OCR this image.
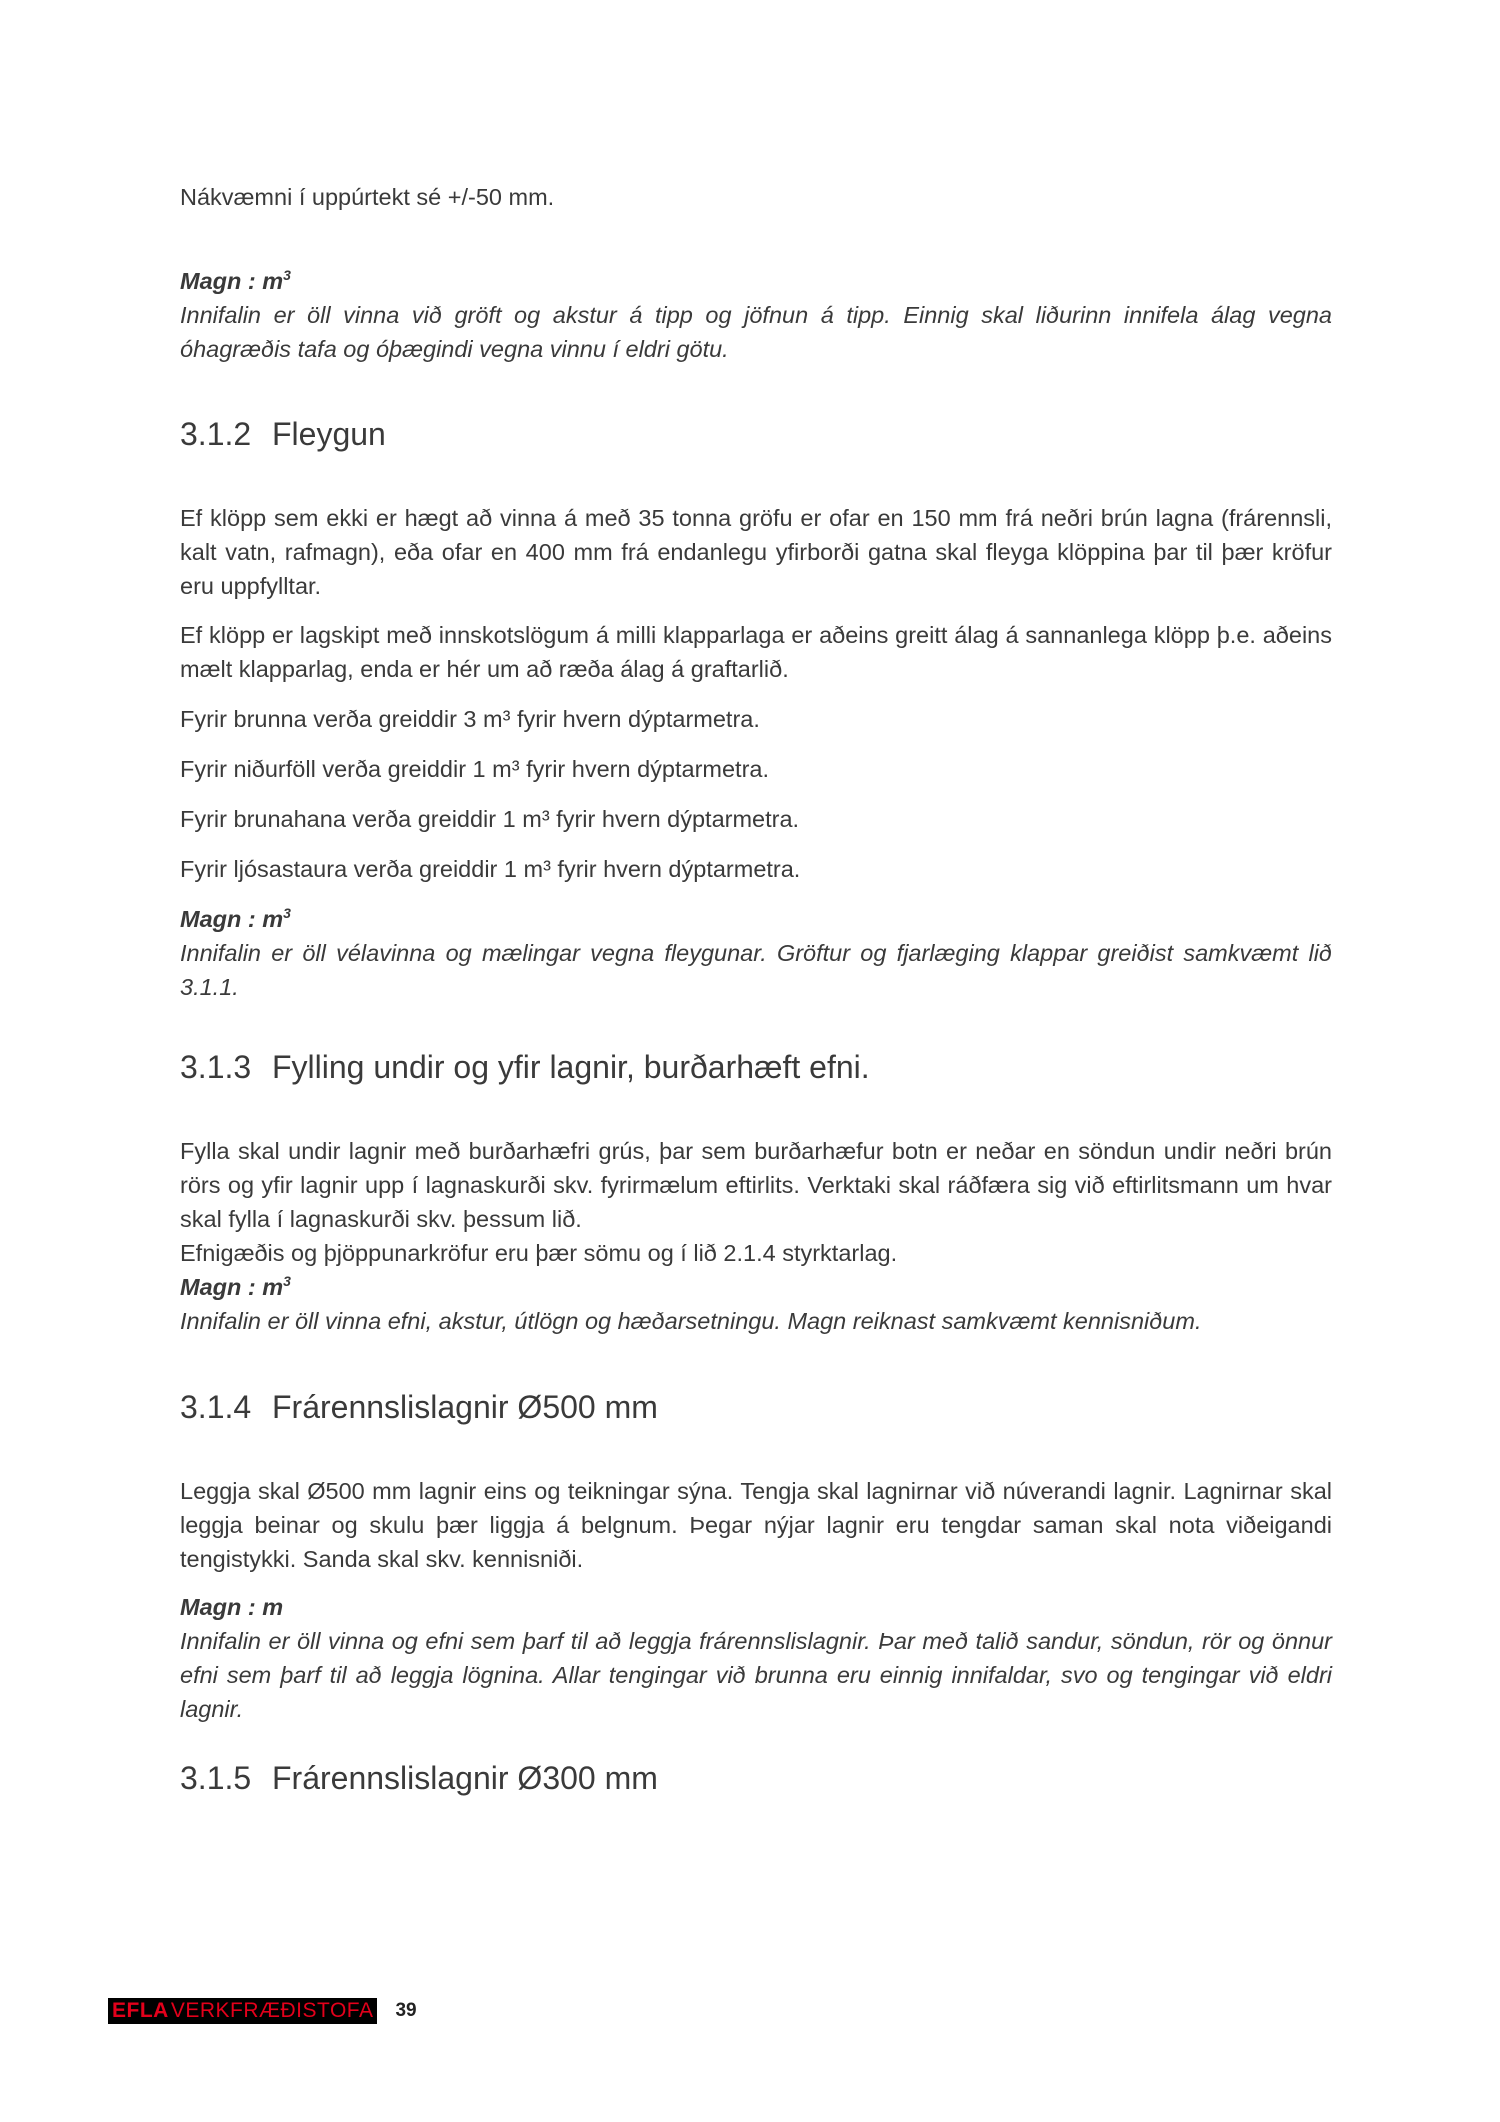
Nákvæmni í uppúrtekt sé +/-50 mm.

Magn : $m^3$

Innifalin er öll vinna við gröft og akstur á tipp og jöfnun á tipp. Einnig skal liðurinn innifela álag vegna óhagræðis tafa og óþægindi vegna vinnu í eldri götu.

3.1.2 Fleygun

Ef klöpp sem ekki er hægt að vinna á með 35 tonna gröfu er ofar en 150 mm frá neðri brún lagna (frárennsli, kalt vatn, rafmagn), eða ofar en 400 mm frá endanlegu yfirborði gatna skal fleyga klöppina þar til þær kröfur eru uppfylltar.

Ef klöpp er lagskipt með innskotslögum á milli klapparlaga er aðeins greitt álag á sannanlega klöpp þ.e. aðeins mælt klapparlag, enda er hér um að ræða álag á graftarlið.

Fyrir brunna verða greiddir 3 m³ fyrir hvern dýptarmetra.

Fyrir niðurföll verða greiddir 1 m³ fyrir hvern dýptarmetra.

Fyrir brunahana verða greiddir 1 m³ fyrir hvern dýptarmetra.

Fyrir ljósastaura verða greiddir 1 m³ fyrir hvern dýptarmetra.

Magn : $m^3$

Innifalin er öll vélavinna og mælingar vegna fleygunar. Gröftur og fjarlæging klappar greiðist samkvæmt lið 3.1.1.

3.1.3 Fylling undir og yfir lagnir, burðarhæft efni.

Fylla skal undir lagnir með burðarhæfri grús, þar sem burðarhæfur botn er neðar en söndun undir neðri brún rörs og yfir lagnir upp í lagnaskurði skv. fyrirmælum eftirlits. Verktaki skal ráðfæra sig við eftirlitsmann um hvar skal fylla í lagnaskurði skv. þessum lið.

Efnigæðis og þjöppunarkröfur eru þær sömu og í lið 2.1.4 styrktarlag.

Magn : $m^3$

Innifalin er öll vinna efni, akstur, útlögn og hæðarsetningu. Magn reiknast samkvæmt kennisniðum.

3.1.4 Frárennslislagnir Ø500 mm

Leggja skal Ø500 mm lagnir eins og teikningar sýna. Tengja skal lagnirnar við núverandi lagnir. Lagnirnar skal leggja beinar og skulu þær liggja á belgnum. Þegar nýjar lagnir eru tengdar saman skal nota viðeigandi tengistykki. Sanda skal skv. kennisniði.

Magn : m

Innifalin er öll vinna og efni sem þarf til að leggja frárennslislagnir. Þar með talið sandur, söndun, rör og önnur efni sem þarf til að leggja lögnina. Allar tengingar við brunna eru einnig innifaldar, svo og tengingar við eldri lagnir.

3.1.5 Frárennslislagnir Ø300 mm
EFLA VERKFRÆÐISTOFA 39
